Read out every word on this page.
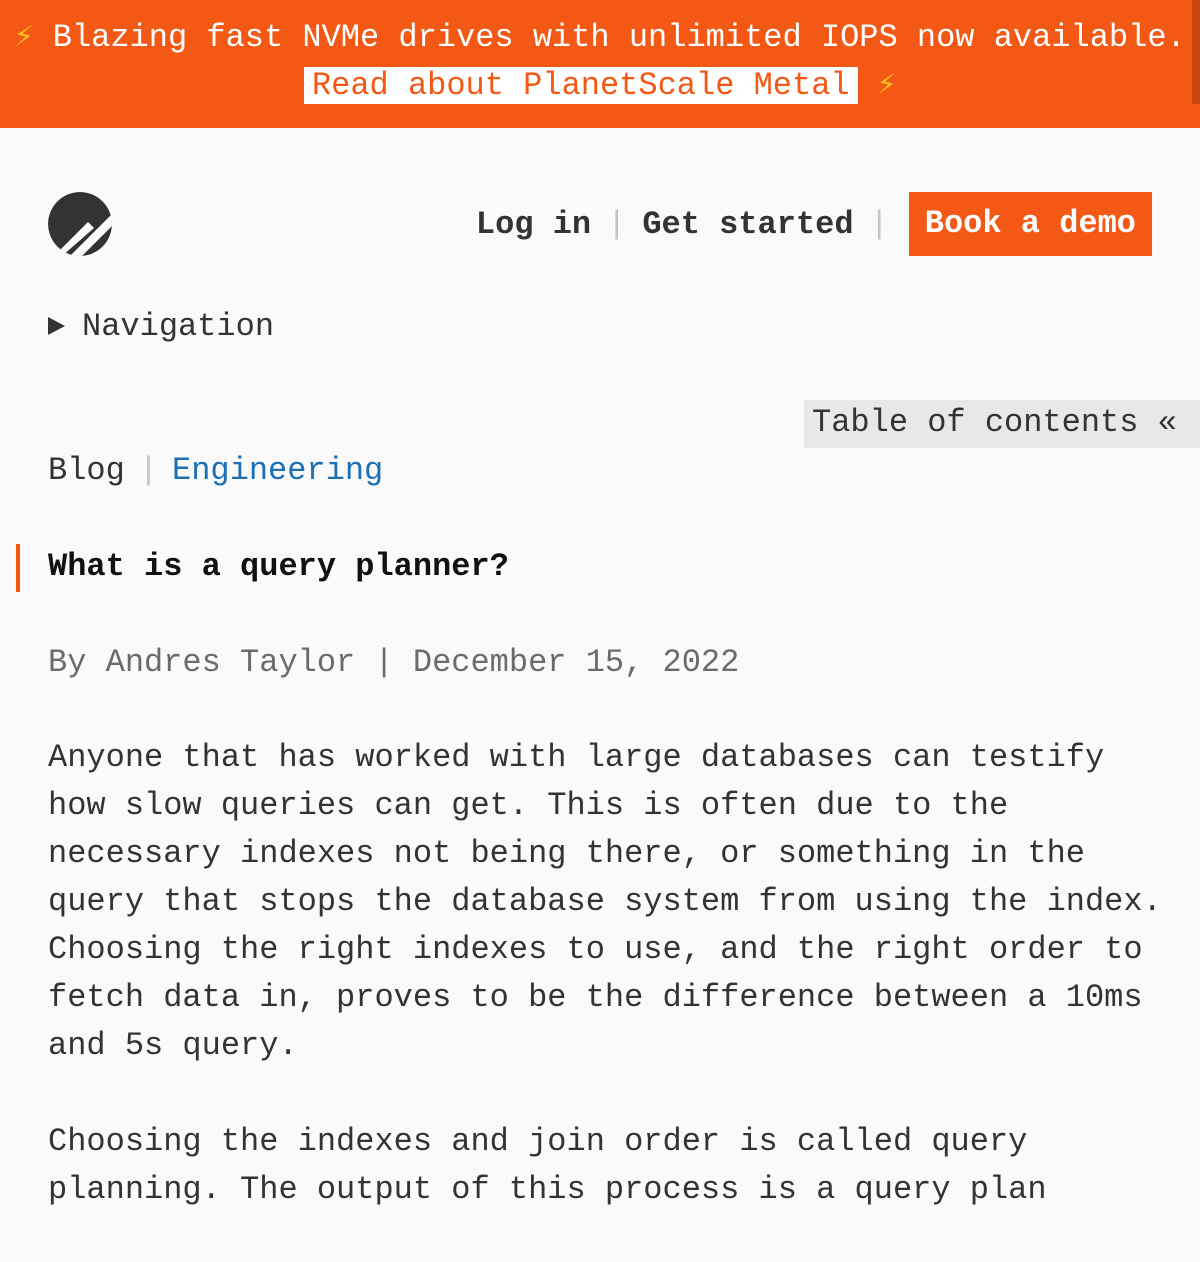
⚡ Blazing fast NVMe drives with unlimited IOPS now available. Read about PlanetScale Metal ⚡
Log in | Get started |	Book a demo
Navigation
Table of contents «
Blog | Engineering
What is a query planner?
By Andres Taylor | December 15, 2022

Anyone that has worked with large databases can testify how slow queries can get. This is often due to the necessary indexes not being there, or something in the query that stops the database system from using the index. Choosing the right indexes to use, and the right order to fetch data in, proves to be the difference between a 10ms and 5s query.

Choosing the indexes and join order is called query planning. The output of this process is a query plan
